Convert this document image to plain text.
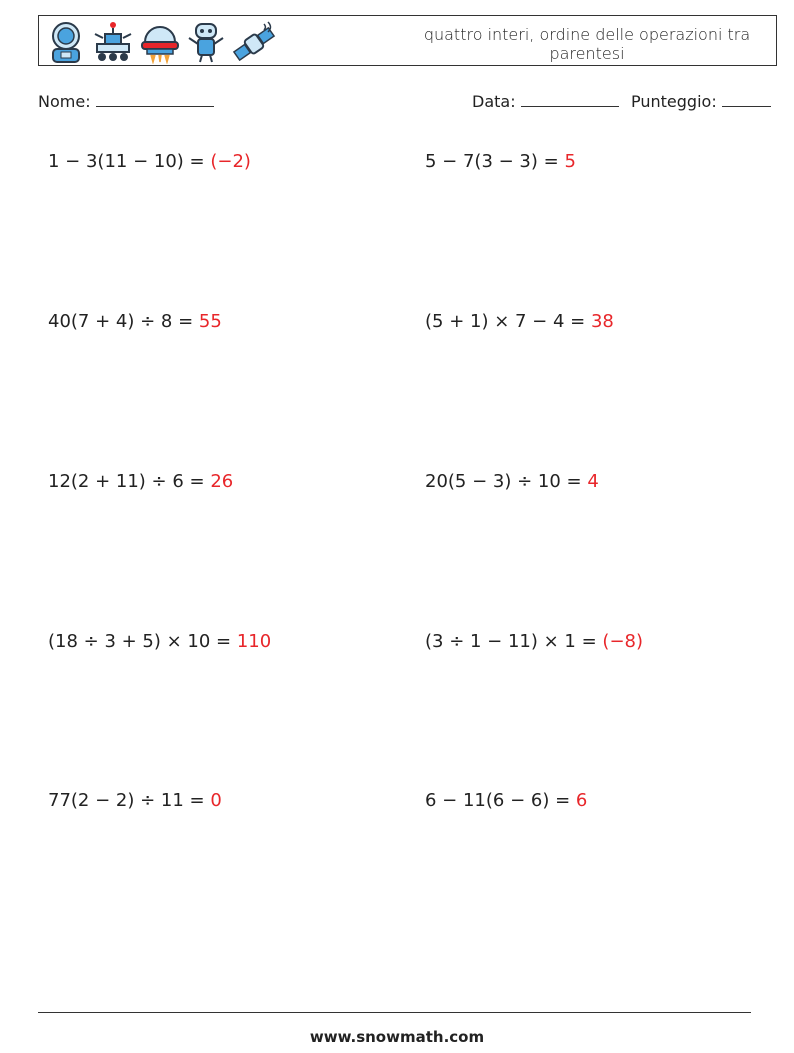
quattro interi, ordine delle operazioni tra parentesi
Nome:	Data:	Punteggio:
1 − 3(11 − 10) = (−2)	5 − 7(3 − 3) = 5
40(7 + 4) ÷ 8 = 55	(5 + 1) × 7 − 4 = 38
12(2 + 11) ÷ 6 = 26	20(5 − 3) ÷ 10 = 4
(18 ÷ 3 + 5) × 10 = 110	(3 ÷ 1 − 11) × 1 = (−8)
77(2 − 2) ÷ 11 = 0	6 − 11(6 − 6) = 6
www.snowmath.com
